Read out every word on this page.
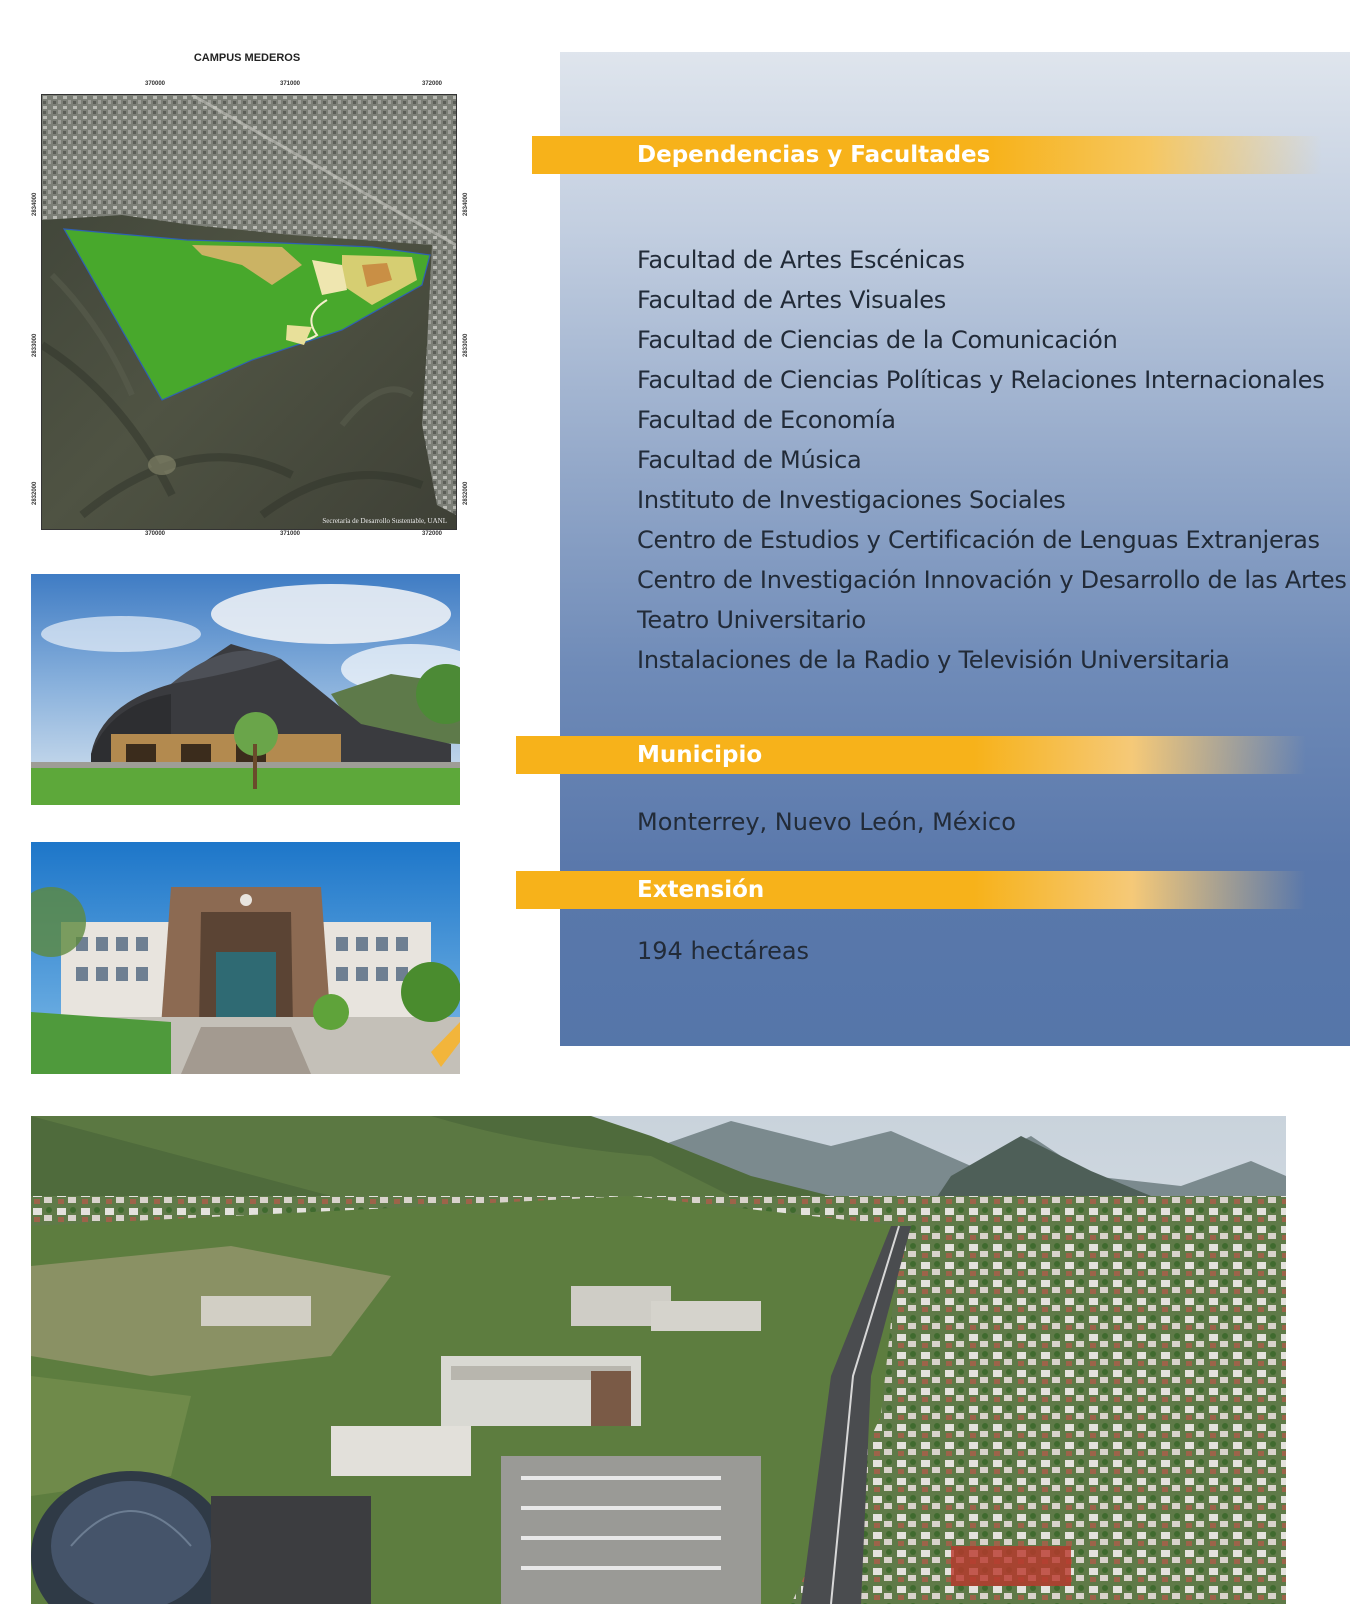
CAMPUS MEDEROS
370000	371000	372000
370000	371000	372000
2834000
2833000
2832000
2834000
2833000
2832000
Secretaría de Desarrollo Sustentable, UANL
Dependencias y Facultades
Facultad de Artes Escénicas
Facultad de Artes Visuales
Facultad de Ciencias de la Comunicación
Facultad de Ciencias Políticas y Relaciones Internacionales
Facultad de Economía
Facultad de Música
Instituto de Investigaciones Sociales
Centro de Estudios y Certificación de Lenguas Extranjeras
Centro de Investigación Innovación y Desarrollo de las Artes
Teatro Universitario
Instalaciones de la Radio y Televisión Universitaria
Municipio
Monterrey, Nuevo León, México
Extensión
194 hectáreas
